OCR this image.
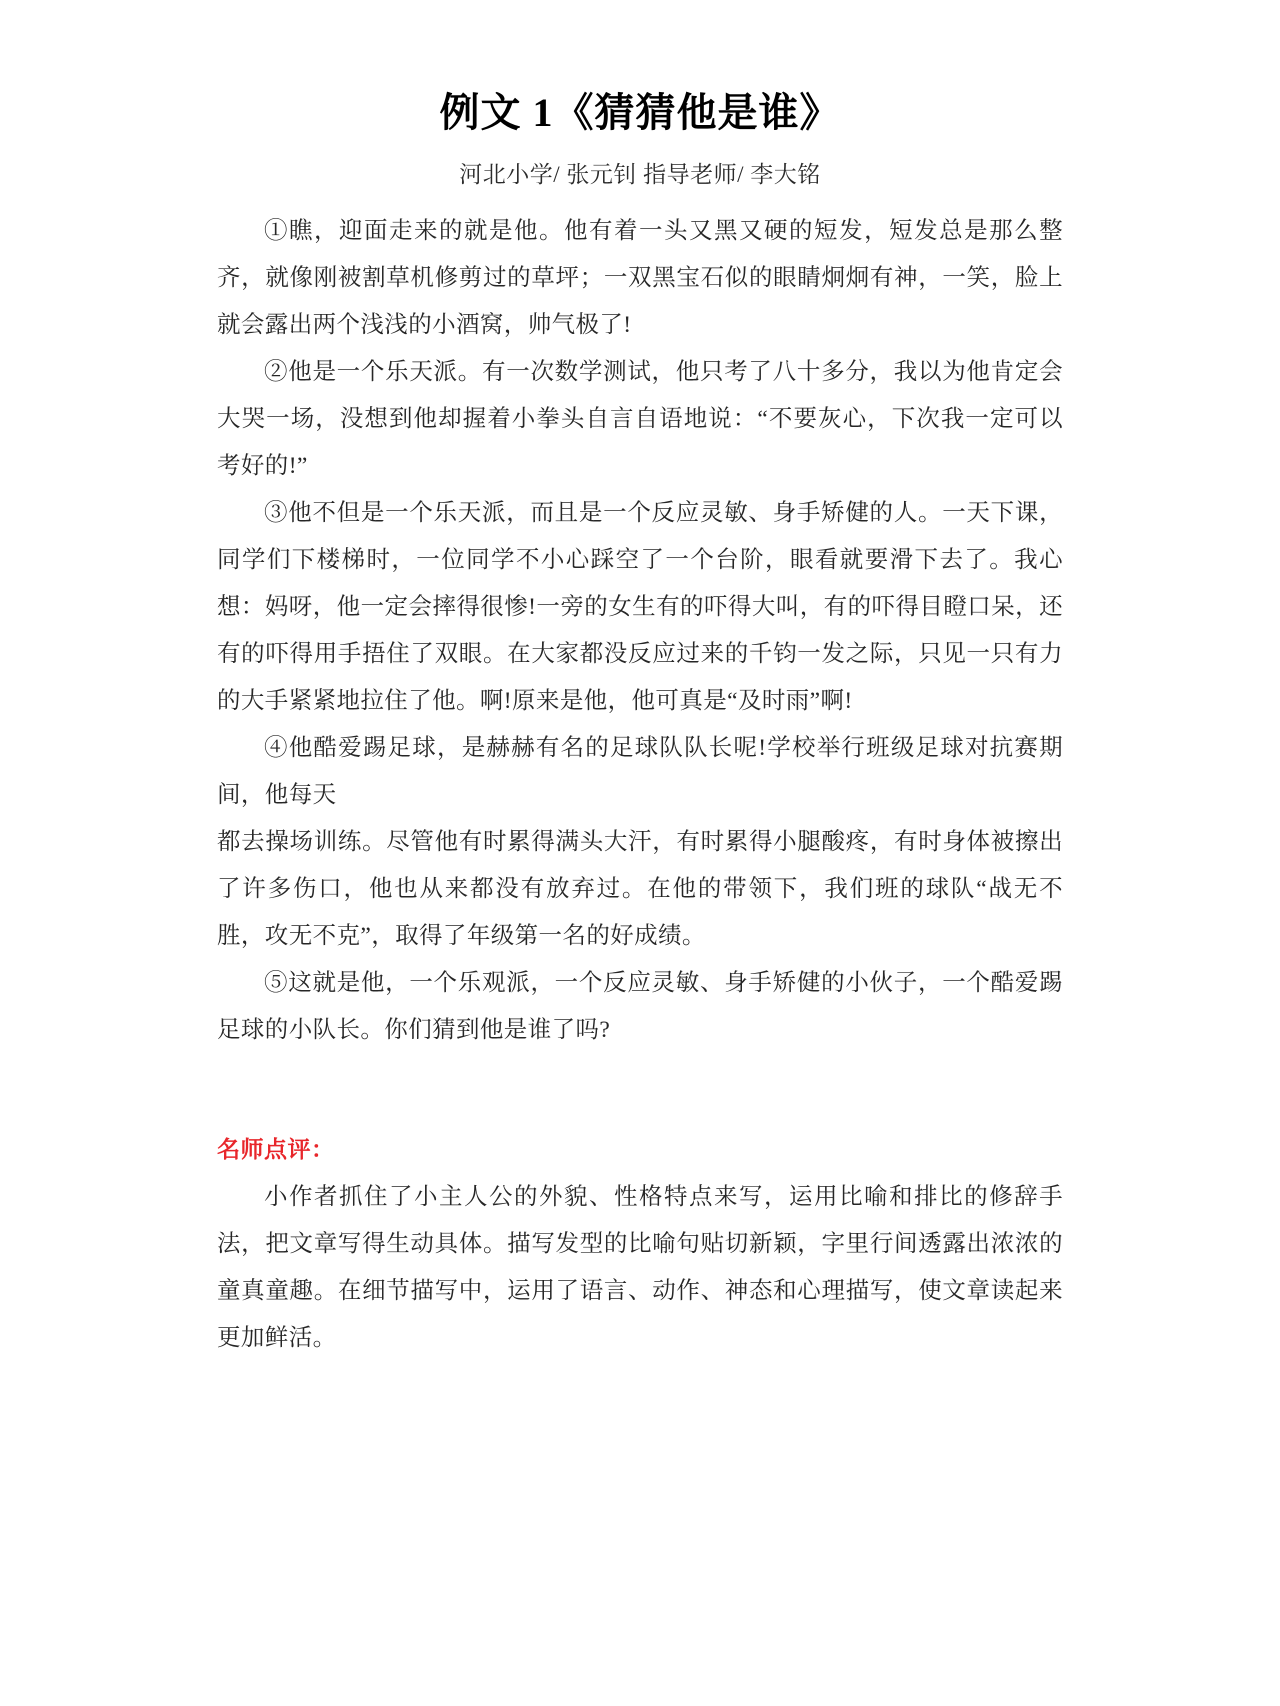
例文 1《猜猜他是谁》
河北小学/ 张元钊 指导老师/ 李大铭

①瞧，迎面走来的就是他。他有着一头又黑又硬的短发，短发总是那么整齐，就像刚被割草机修剪过的草坪；一双黑宝石似的眼睛炯炯有神，一笑，脸上就会露出两个浅浅的小酒窝，帅气极了!

②他是一个乐天派。有一次数学测试，他只考了八十多分，我以为他肯定会大哭一场，没想到他却握着小拳头自言自语地说：“不要灰心，下次我一定可以考好的!”

③他不但是一个乐天派，而且是一个反应灵敏、身手矫健的人。一天下课，同学们下楼梯时，一位同学不小心踩空了一个台阶，眼看就要滑下去了。我心想：妈呀，他一定会摔得很惨!一旁的女生有的吓得大叫，有的吓得目瞪口呆，还有的吓得用手捂住了双眼。在大家都没反应过来的千钧一发之际，只见一只有力的大手紧紧地拉住了他。啊!原来是他，他可真是“及时雨”啊!

④他酷爱踢足球，是赫赫有名的足球队队长呢!学校举行班级足球对抗赛期间，他每天

都去操场训练。尽管他有时累得满头大汗，有时累得小腿酸疼，有时身体被擦出了许多伤口，他也从来都没有放弃过。在他的带领下，我们班的球队“战无不胜，攻无不克”，取得了年级第一名的好成绩。

⑤这就是他，一个乐观派，一个反应灵敏、身手矫健的小伙子，一个酷爱踢足球的小队长。你们猜到他是谁了吗?

名师点评：

小作者抓住了小主人公的外貌、性格特点来写，运用比喻和排比的修辞手法，把文章写得生动具体。描写发型的比喻句贴切新颖，字里行间透露出浓浓的童真童趣。在细节描写中，运用了语言、动作、神态和心理描写，使文章读起来更加鲜活。
